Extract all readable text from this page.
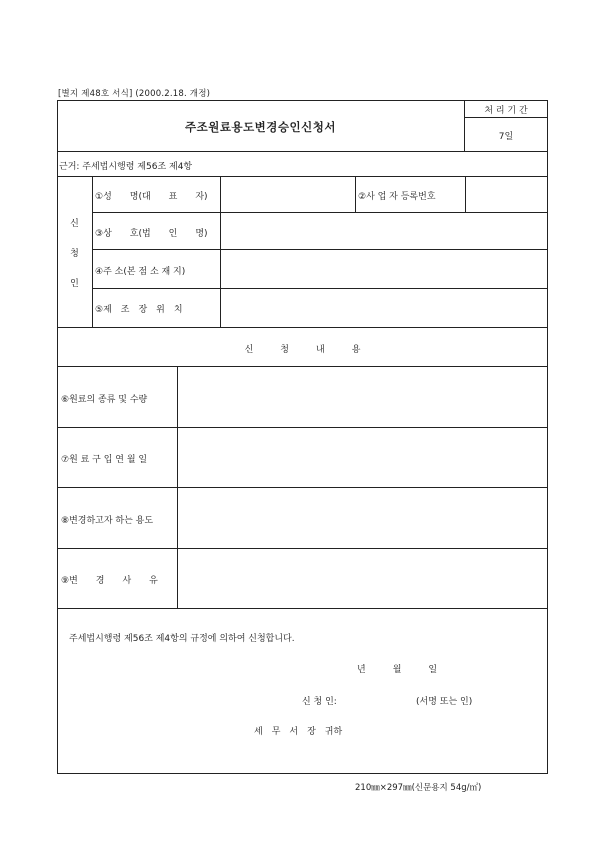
[별지 제48호 서식] (2000.2.18. 개정)
주조원료용도변경승인신청서
처 리 기 간
7일
근거: 주세법시행령 제56조 제4항
신
청
인
①성　　명(대　　표　　자)	②사 업 자 등록번호
③상　　호(법　　인　　명)
④주 소(본 점 소 재 지)
⑤제　조　장　위　치
신　　　청　　　내　　　용
⑥원료의 종류 및 수량
⑦원 료 구 입 연 월 일
⑧변경하고자 하는 용도
⑨변　　경　　사　　유
주세법시행령 제56조 제4항의 규정에 의하여 신청합니다.
년　　　월　　　일
신 청 인:	(서명 또는 인)
세　무　서　장　귀하
210㎜×297㎜(신문용지 54g/㎡)
